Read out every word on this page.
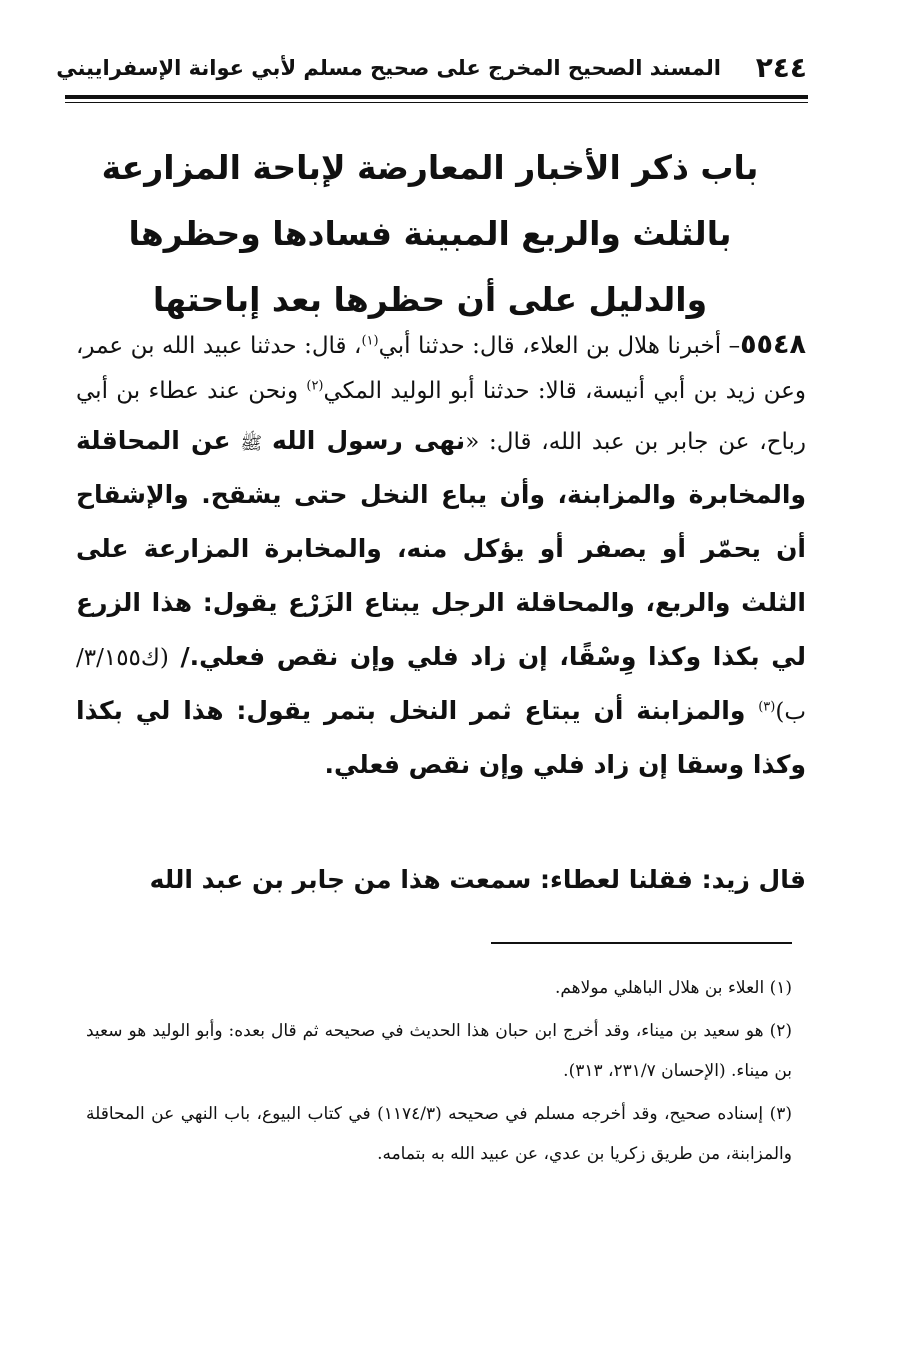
٢٤٤
المسند الصحيح المخرج على صحيح مسلم لأبي عوانة الإسفراييني
باب ذكر الأخبار المعارضة لإباحة المزارعة بالثلث والربع المبينة فسادها وحظرها والدليل على أن حظرها بعد إباحتها
٥٥٤٨– أخبرنا هلال بن العلاء، قال: حدثنا أبي$^{(١)}$، قال: حدثنا عبيد الله بن عمر، وعن زيد بن أبي أنيسة، قالا: حدثنا أبو الوليد المكي$^{(٢)}$ ونحن عند عطاء بن أبي رباح، عن جابر بن عبد الله، قال: «نهى رسول الله ﷺ عن المحاقلة والمخابرة والمزابنة، وأن يباع النخل حتى يشقح. والإشقاح أن يحمّر أو يصفر أو يؤكل منه، والمخابرة المزارعة على الثلث والربع، والمحاقلة الرجل يبتاع الزَرْع يقول: هذا الزرع لي بكذا وكذا وِسْقًا، إن زاد فلي وإن نقص فعلي./ (ك٣/١٥٥/ب)$^{(٣)}$ والمزابنة أن يبتاع ثمر النخل بتمر يقول: هذا لي بكذا وكذا وسقا إن زاد فلي وإن نقص فعلي.
قال زيد: فقلنا لعطاء: سمعت هذا من جابر بن عبد الله
(١) العلاء بن هلال الباهلي مولاهم.
(٢) هو سعيد بن ميناء، وقد أخرج ابن حبان هذا الحديث في صحيحه ثم قال بعده: وأبو الوليد هو سعيد بن ميناء. (الإحسان ٢٣١/٧، ٣١٣).
(٣) إسناده صحيح، وقد أخرجه مسلم في صحيحه (١١٧٤/٣) في كتاب البيوع، باب النهي عن المحاقلة والمزابنة، من طريق زكريا بن عدي، عن عبيد الله به بتمامه.
